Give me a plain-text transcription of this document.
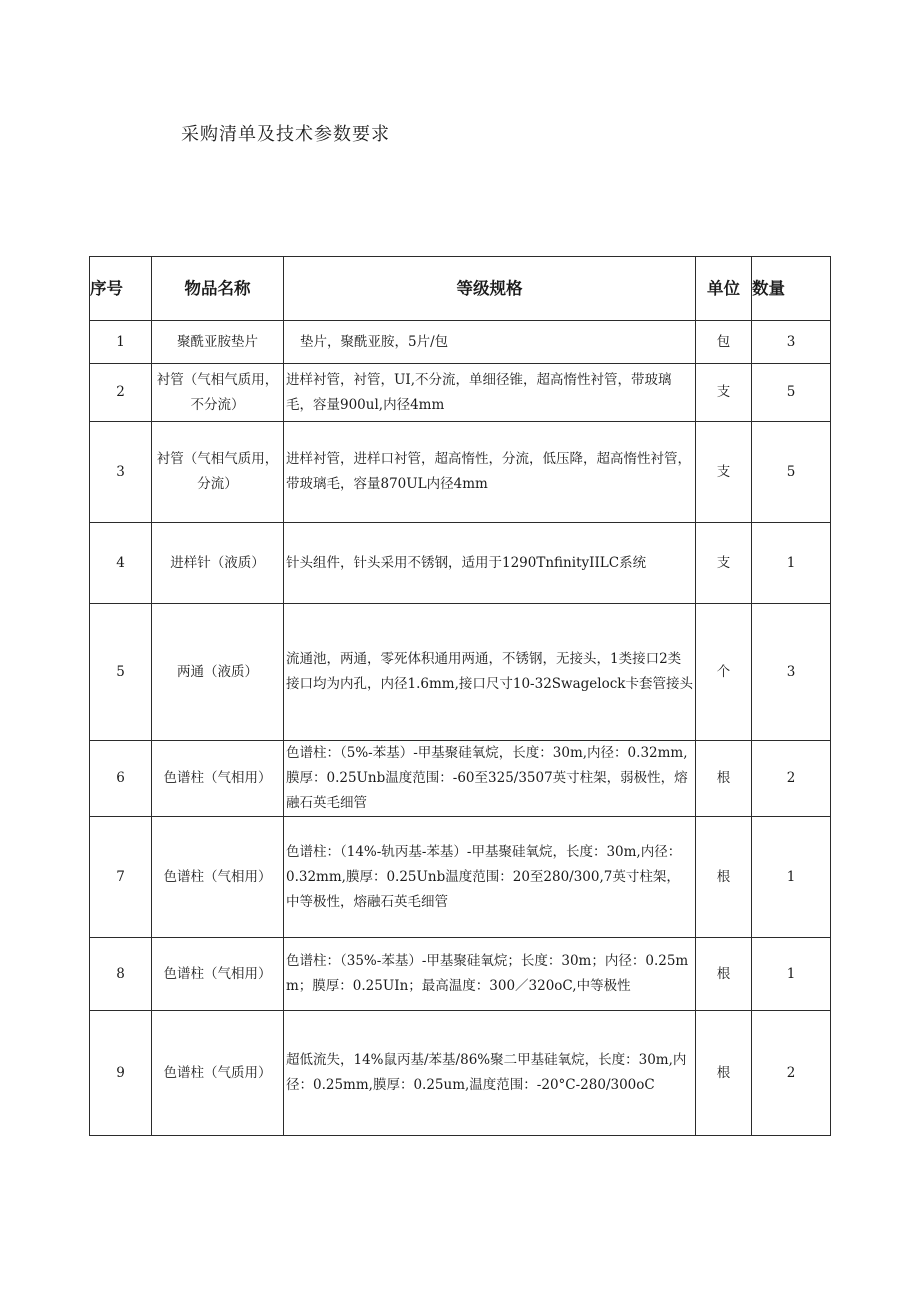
采购清单及技术参数要求
序号	物品名称	等级规格	单位	数量
1	聚酰亚胺垫片	垫片，聚酰亚胺，5片/包	包	3
2	衬管（气相气质用，不分流）	进样衬管，衬管，UI,不分流，单细径锥，超高惰性衬管，带玻璃毛，容量900ul,内径4mm	支	5
3	衬管（气相气质用，分流）	进样衬管，进样口衬管，超高惰性，分流，低压降，超高惰性衬管，带玻璃毛，容量870UL内径4mm	支	5
4	进样针（液质）	针头组件，针头采用不锈钢，适用于1290TnfinityIILC系统	支	1
5	两通（液质）	流通池，两通，零死体积通用两通，不锈钢，无接头，1类接口2类接口均为内孔，内径1.6mm,接口尺寸10-32Swagelock卡套管接头	个	3
6	色谱柱（气相用）	色谱柱：（5%-苯基）-甲基聚硅氧烷，长度：30m,内径：0.32mm,膜厚：0.25Unb温度范围：-60至325/3507英寸柱架，弱极性，熔融石英毛细管	根	2
7	色谱柱（气相用）	色谱柱：（14%-轨丙基-苯基）-甲基聚硅氧烷，长度：30m,内径：0.32mm,膜厚：0.25Unb温度范围：20至280/300,7英寸柱架，中等极性，熔融石英毛细管	根	1
8	色谱柱（气相用）	色谱柱：（35%-苯基）-甲基聚硅氧烷；长度：30m；内径：0.25mm；膜厚：0.25UIn；最高温度：300／320oC,中等极性	根	1
9	色谱柱（气质用）	超低流失，14%鼠丙基/苯基/86%聚二甲基硅氧烷，长度：30m,内径：0.25mm,膜厚：0.25um,温度范围：-20°C-280/300oC	根	2
